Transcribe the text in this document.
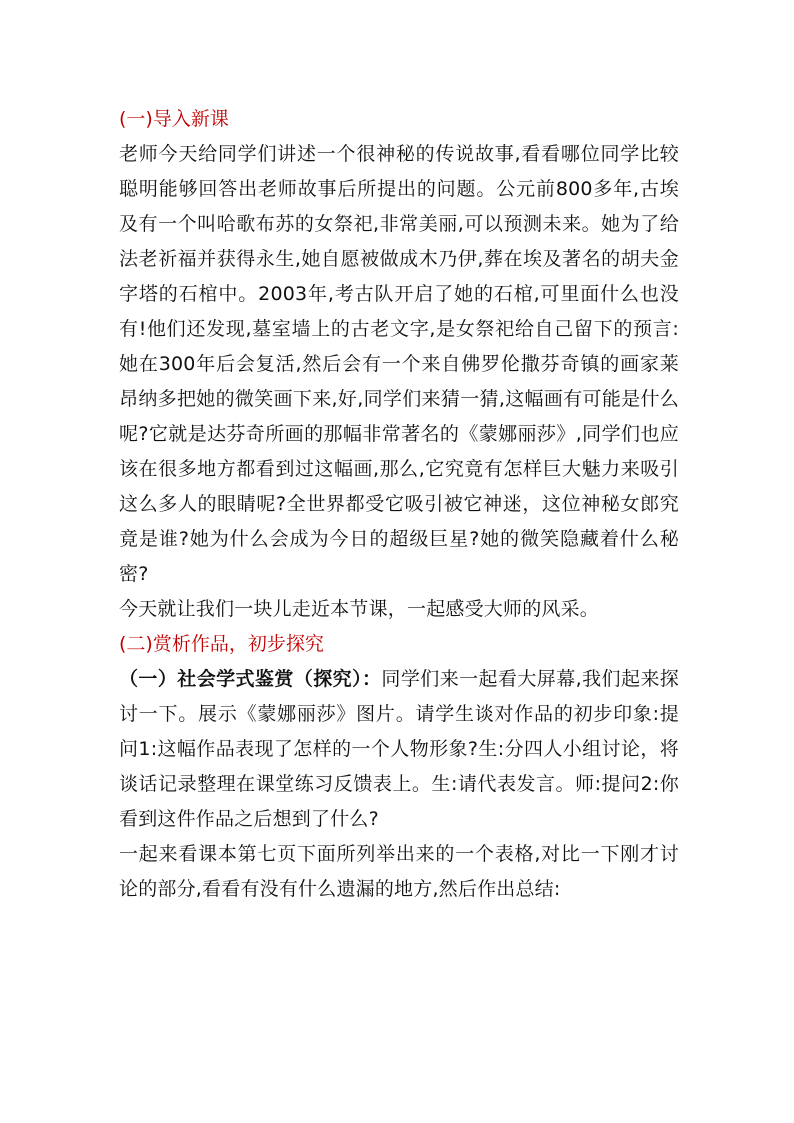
(一)导入新课

老师今天给同学们讲述一个很神秘的传说故事,看看哪位同学比较聪明能够回答出老师故事后所提出的问题。公元前800多年,古埃及有一个叫哈歌布苏的女祭祀,非常美丽,可以预测未来。她为了给法老祈福并获得永生,她自愿被做成木乃伊,葬在埃及著名的胡夫金字塔的石棺中。2003年,考古队开启了她的石棺,可里面什么也没有!他们还发现,墓室墙上的古老文字,是女祭祀给自己留下的预言:她在300年后会复活,然后会有一个来自佛罗伦撒芬奇镇的画家莱昂纳多把她的微笑画下来,好,同学们来猜一猜,这幅画有可能是什么呢?它就是达芬奇所画的那幅非常著名的《蒙娜丽莎》,同学们也应该在很多地方都看到过这幅画,那么,它究竟有怎样巨大魅力来吸引这么多人的眼睛呢?全世界都受它吸引被它神迷，这位神秘女郎究竟是谁?她为什么会成为今日的超级巨星?她的微笑隐藏着什么秘密?

今天就让我们一块儿走近本节课，一起感受大师的风采。

(二)赏析作品，初步探究

（一）社会学式鉴赏（探究）：同学们来一起看大屏幕,我们起来探讨一下。展示《蒙娜丽莎》图片。请学生谈对作品的初步印象:提问1:这幅作品表现了怎样的一个人物形象?生:分四人小组讨论，将谈话记录整理在课堂练习反馈表上。生:请代表发言。师:提问2:你看到这件作品之后想到了什么?

一起来看课本第七页下面所列举出来的一个表格,对比一下刚才讨论的部分,看看有没有什么遗漏的地方,然后作出总结:
